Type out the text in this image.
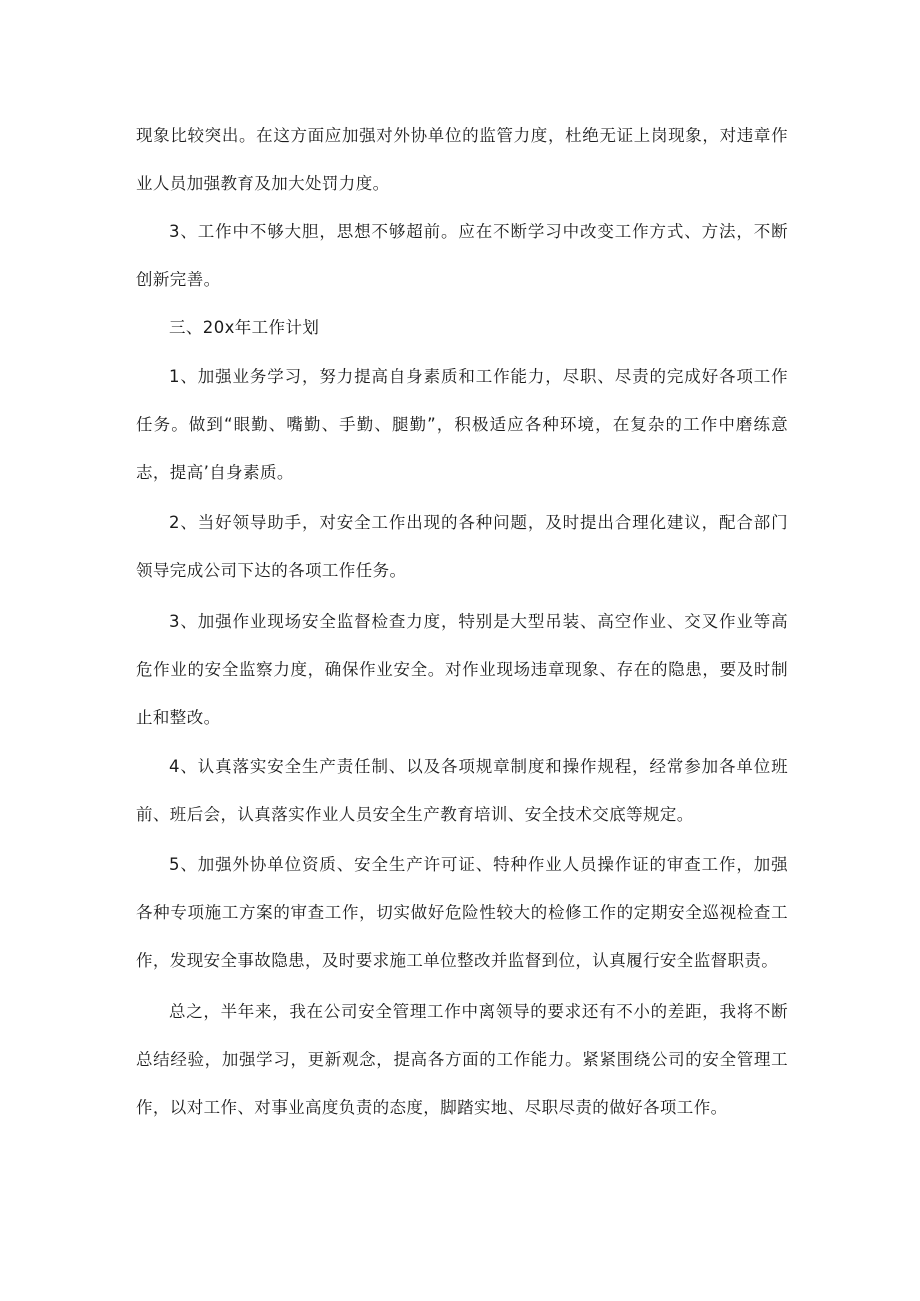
现象比较突出。在这方面应加强对外协单位的监管力度，杜绝无证上岗现象，对违章作业人员加强教育及加大处罚力度。

3、工作中不够大胆，思想不够超前。应在不断学习中改变工作方式、方法，不断创新完善。

三、20x年工作计划

1、加强业务学习，努力提高自身素质和工作能力，尽职、尽责的完成好各项工作任务。做到“眼勤、嘴勤、手勤、腿勤”，积极适应各种环境，在复杂的工作中磨练意志，提高’自身素质。

2、当好领导助手，对安全工作出现的各种问题，及时提出合理化建议，配合部门领导完成公司下达的各项工作任务。

3、加强作业现场安全监督检查力度，特别是大型吊装、高空作业、交叉作业等高危作业的安全监察力度，确保作业安全。对作业现场违章现象、存在的隐患，要及时制止和整改。

4、认真落实安全生产责任制、以及各项规章制度和操作规程，经常参加各单位班前、班后会，认真落实作业人员安全生产教育培训、安全技术交底等规定。

5、加强外协单位资质、安全生产许可证、特种作业人员操作证的审查工作，加强各种专项施工方案的审查工作，切实做好危险性较大的检修工作的定期安全巡视检查工作，发现安全事故隐患，及时要求施工单位整改并监督到位，认真履行安全监督职责。

总之，半年来，我在公司安全管理工作中离领导的要求还有不小的差距，我将不断总结经验，加强学习，更新观念，提高各方面的工作能力。紧紧围绕公司的安全管理工作，以对工作、对事业高度负责的态度，脚踏实地、尽职尽责的做好各项工作。
